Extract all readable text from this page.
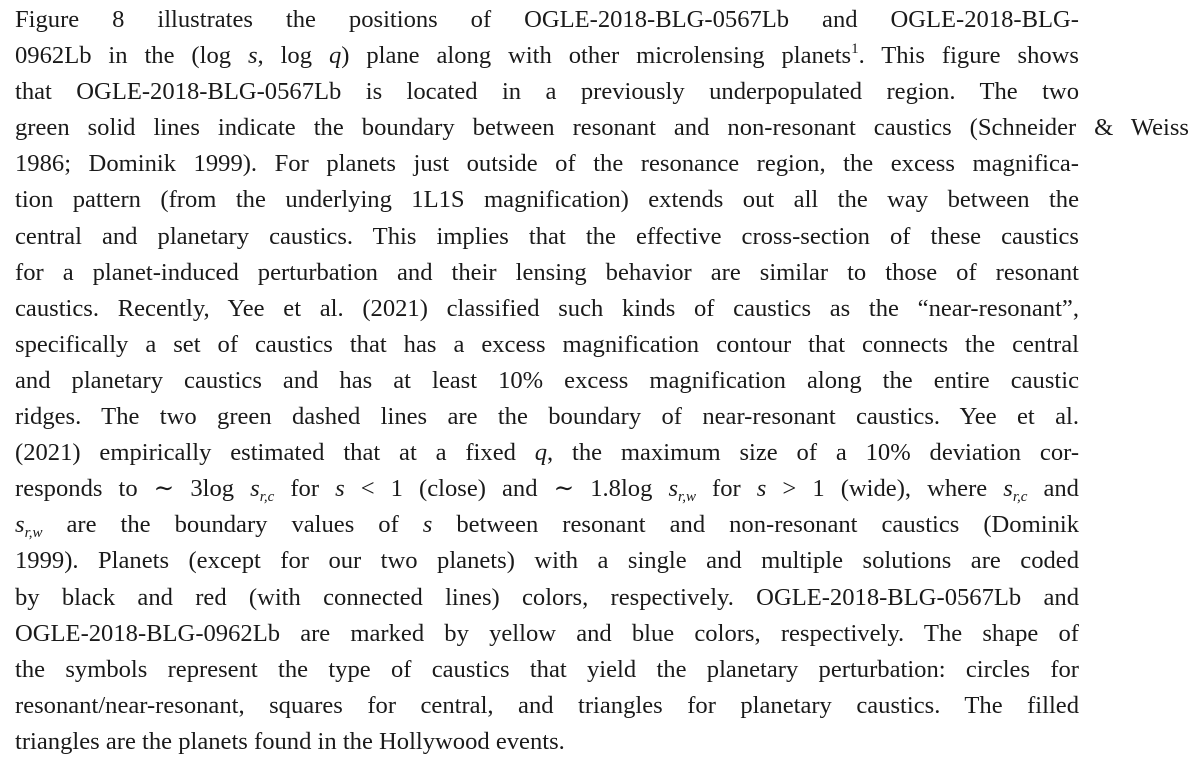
Figure 8 illustrates the positions of OGLE-2018-BLG-0567Lb and OGLE-2018-BLG-
0962Lb in the (log s, log q) plane along with other microlensing planets$^1$. This figure shows
that OGLE-2018-BLG-0567Lb is located in a previously underpopulated region. The two
green solid lines indicate the boundary between resonant and non-resonant caustics (Schneider & Weiss
1986; Dominik 1999). For planets just outside of the resonance region, the excess magnifica-
tion pattern (from the underlying 1L1S magnification) extends out all the way between the
central and planetary caustics. This implies that the effective cross-section of these caustics
for a planet-induced perturbation and their lensing behavior are similar to those of resonant
caustics. Recently, Yee et al. (2021) classified such kinds of caustics as the “near-resonant”,
specifically a set of caustics that has a excess magnification contour that connects the central
and planetary caustics and has at least 10% excess magnification along the entire caustic
ridges. The two green dashed lines are the boundary of near-resonant caustics. Yee et al.
(2021) empirically estimated that at a fixed q, the maximum size of a 10% deviation cor-
responds to ∼ 3log $s_{r,c}$ for s < 1 (close) and ∼ 1.8log $s_{r,w}$ for s > 1 (wide), where $s_{r,c}$ and
$s_{r,w}$ are the boundary values of s between resonant and non-resonant caustics (Dominik
1999). Planets (except for our two planets) with a single and multiple solutions are coded
by black and red (with connected lines) colors, respectively. OGLE-2018-BLG-0567Lb and
OGLE-2018-BLG-0962Lb are marked by yellow and blue colors, respectively. The shape of
the symbols represent the type of caustics that yield the planetary perturbation: circles for
resonant/near-resonant, squares for central, and triangles for planetary caustics. The filled
triangles are the planets found in the Hollywood events.
